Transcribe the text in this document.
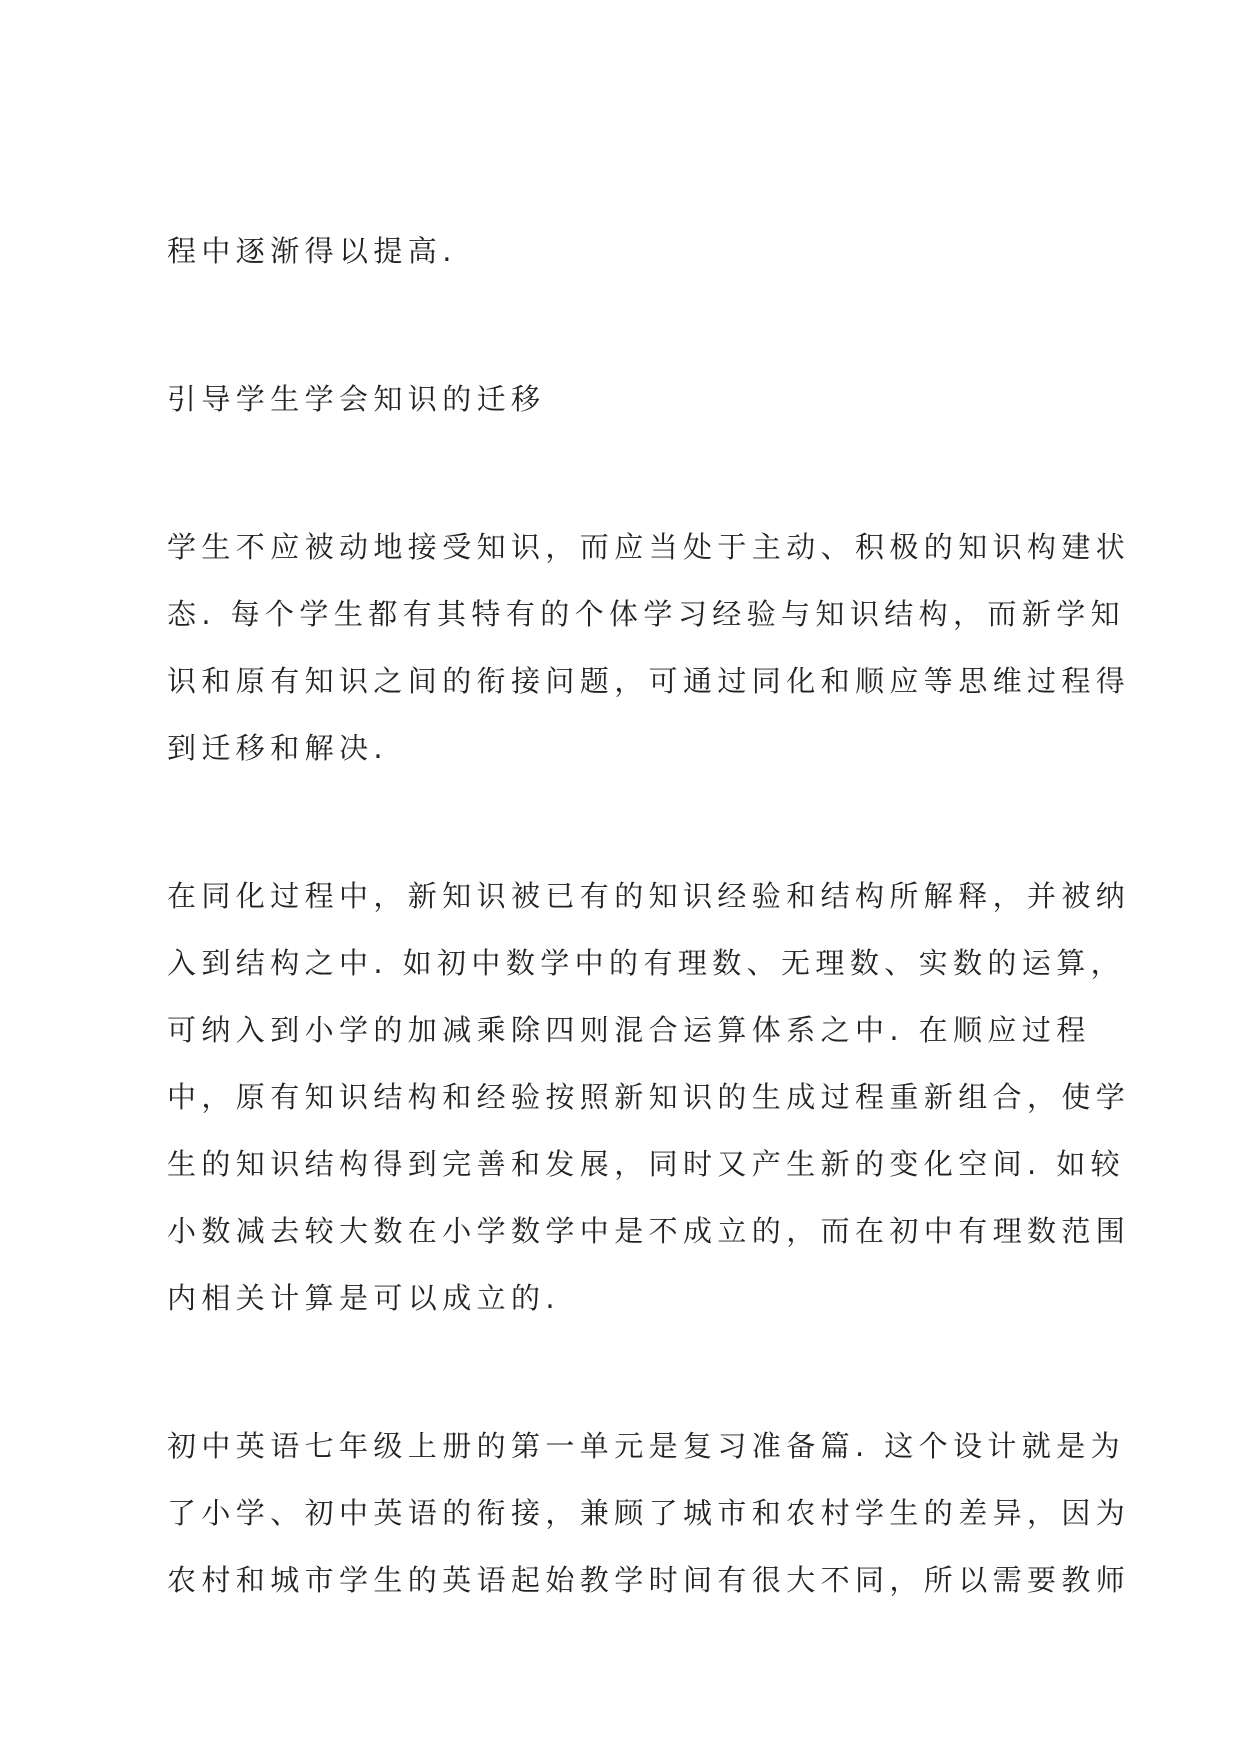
程中逐渐得以提高.
引导学生学会知识的迁移
学生不应被动地接受知识，而应当处于主动、积极的知识构建状
态. 每个学生都有其特有的个体学习经验与知识结构，而新学知
识和原有知识之间的衔接问题，可通过同化和顺应等思维过程得
到迁移和解决.
在同化过程中，新知识被已有的知识经验和结构所解释，并被纳
入到结构之中. 如初中数学中的有理数、无理数、实数的运算，
可纳入到小学的加减乘除四则混合运算体系之中. 在顺应过程
中，原有知识结构和经验按照新知识的生成过程重新组合，使学
生的知识结构得到完善和发展，同时又产生新的变化空间. 如较
小数减去较大数在小学数学中是不成立的，而在初中有理数范围
内相关计算是可以成立的.
初中英语七年级上册的第一单元是复习准备篇. 这个设计就是为
了小学、初中英语的衔接，兼顾了城市和农村学生的差异，因为
农村和城市学生的英语起始教学时间有很大不同，所以需要教师
